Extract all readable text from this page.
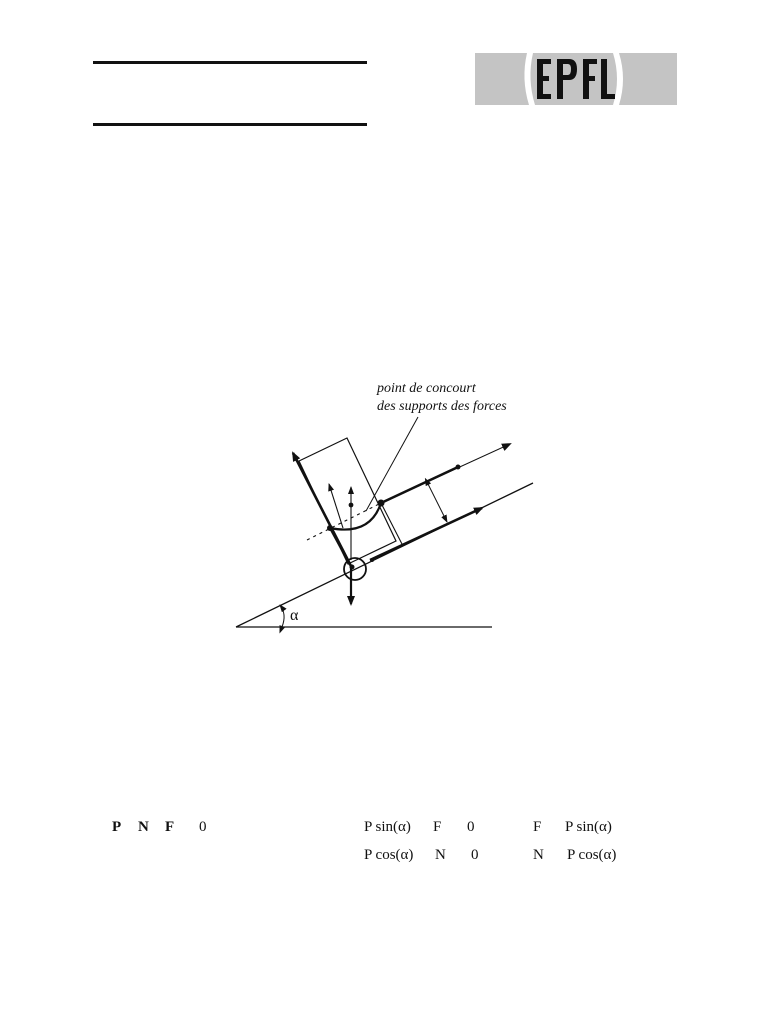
point de concourt
des supports des forces
α
P N F 0	P sin(α) F 0	F P sin(α)
P cos(α) N 0	N P cos(α)
